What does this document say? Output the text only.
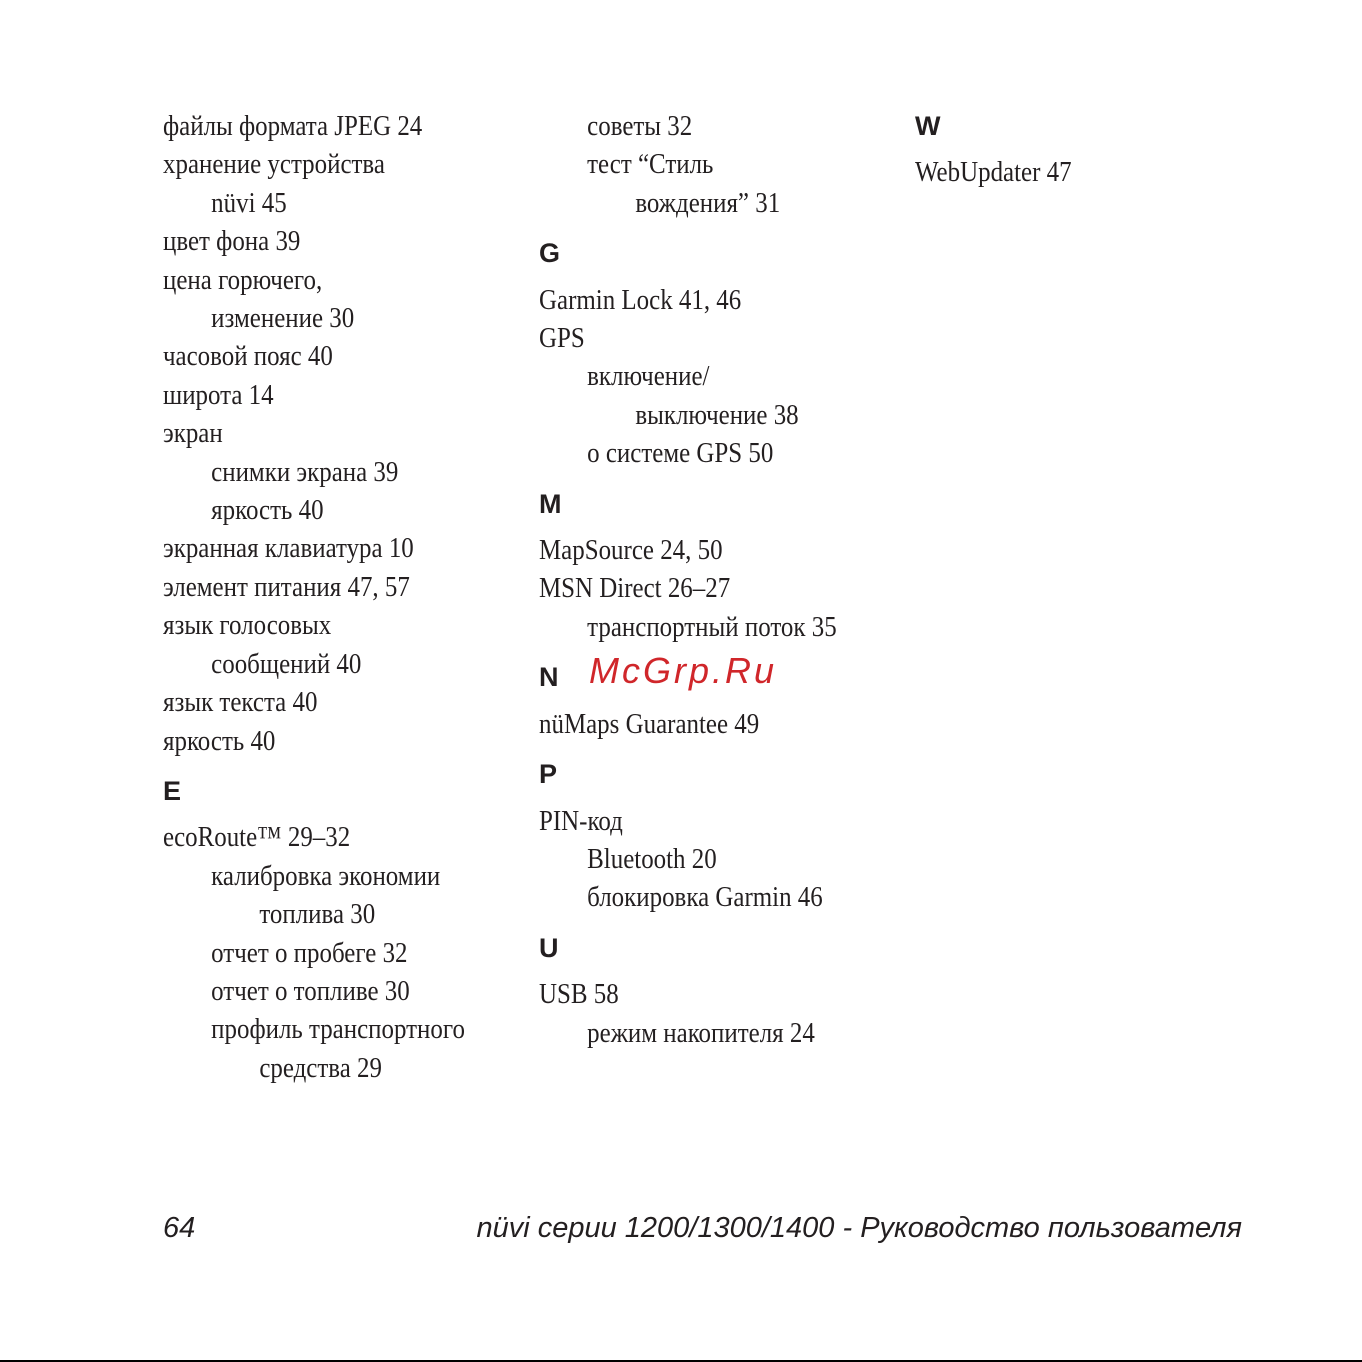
файлы формата JPEG 24
хранение устройства
nüvi 45
цвет фона 39
цена горючего,
изменение 30
часовой пояс 40
широта 14
экран
снимки экрана 39
яркость 40
экранная клавиатура 10
элемент питания 47, 57
язык голосовых
сообщений 40
язык текста 40
яркость 40
E
ecoRoute™ 29–32
калибровка экономии
топлива 30
отчет о пробеге 32
отчет о топливе 30
профиль транспортного
средства 29
советы 32
тест “Стиль
вождения” 31
G
Garmin Lock 41, 46
GPS
включение/
выключение 38
о системе GPS 50
M
MapSource 24, 50
MSN Direct 26–27
транспортный поток 35
N McGrp.Ru
nüMaps Guarantee 49
P
PIN-код
Bluetooth 20
блокировка Garmin 46
U
USB 58
режим накопителя 24
W
WebUpdater 47
64	nüvi серии 1200/1300/1400 - Руководство пользователя
